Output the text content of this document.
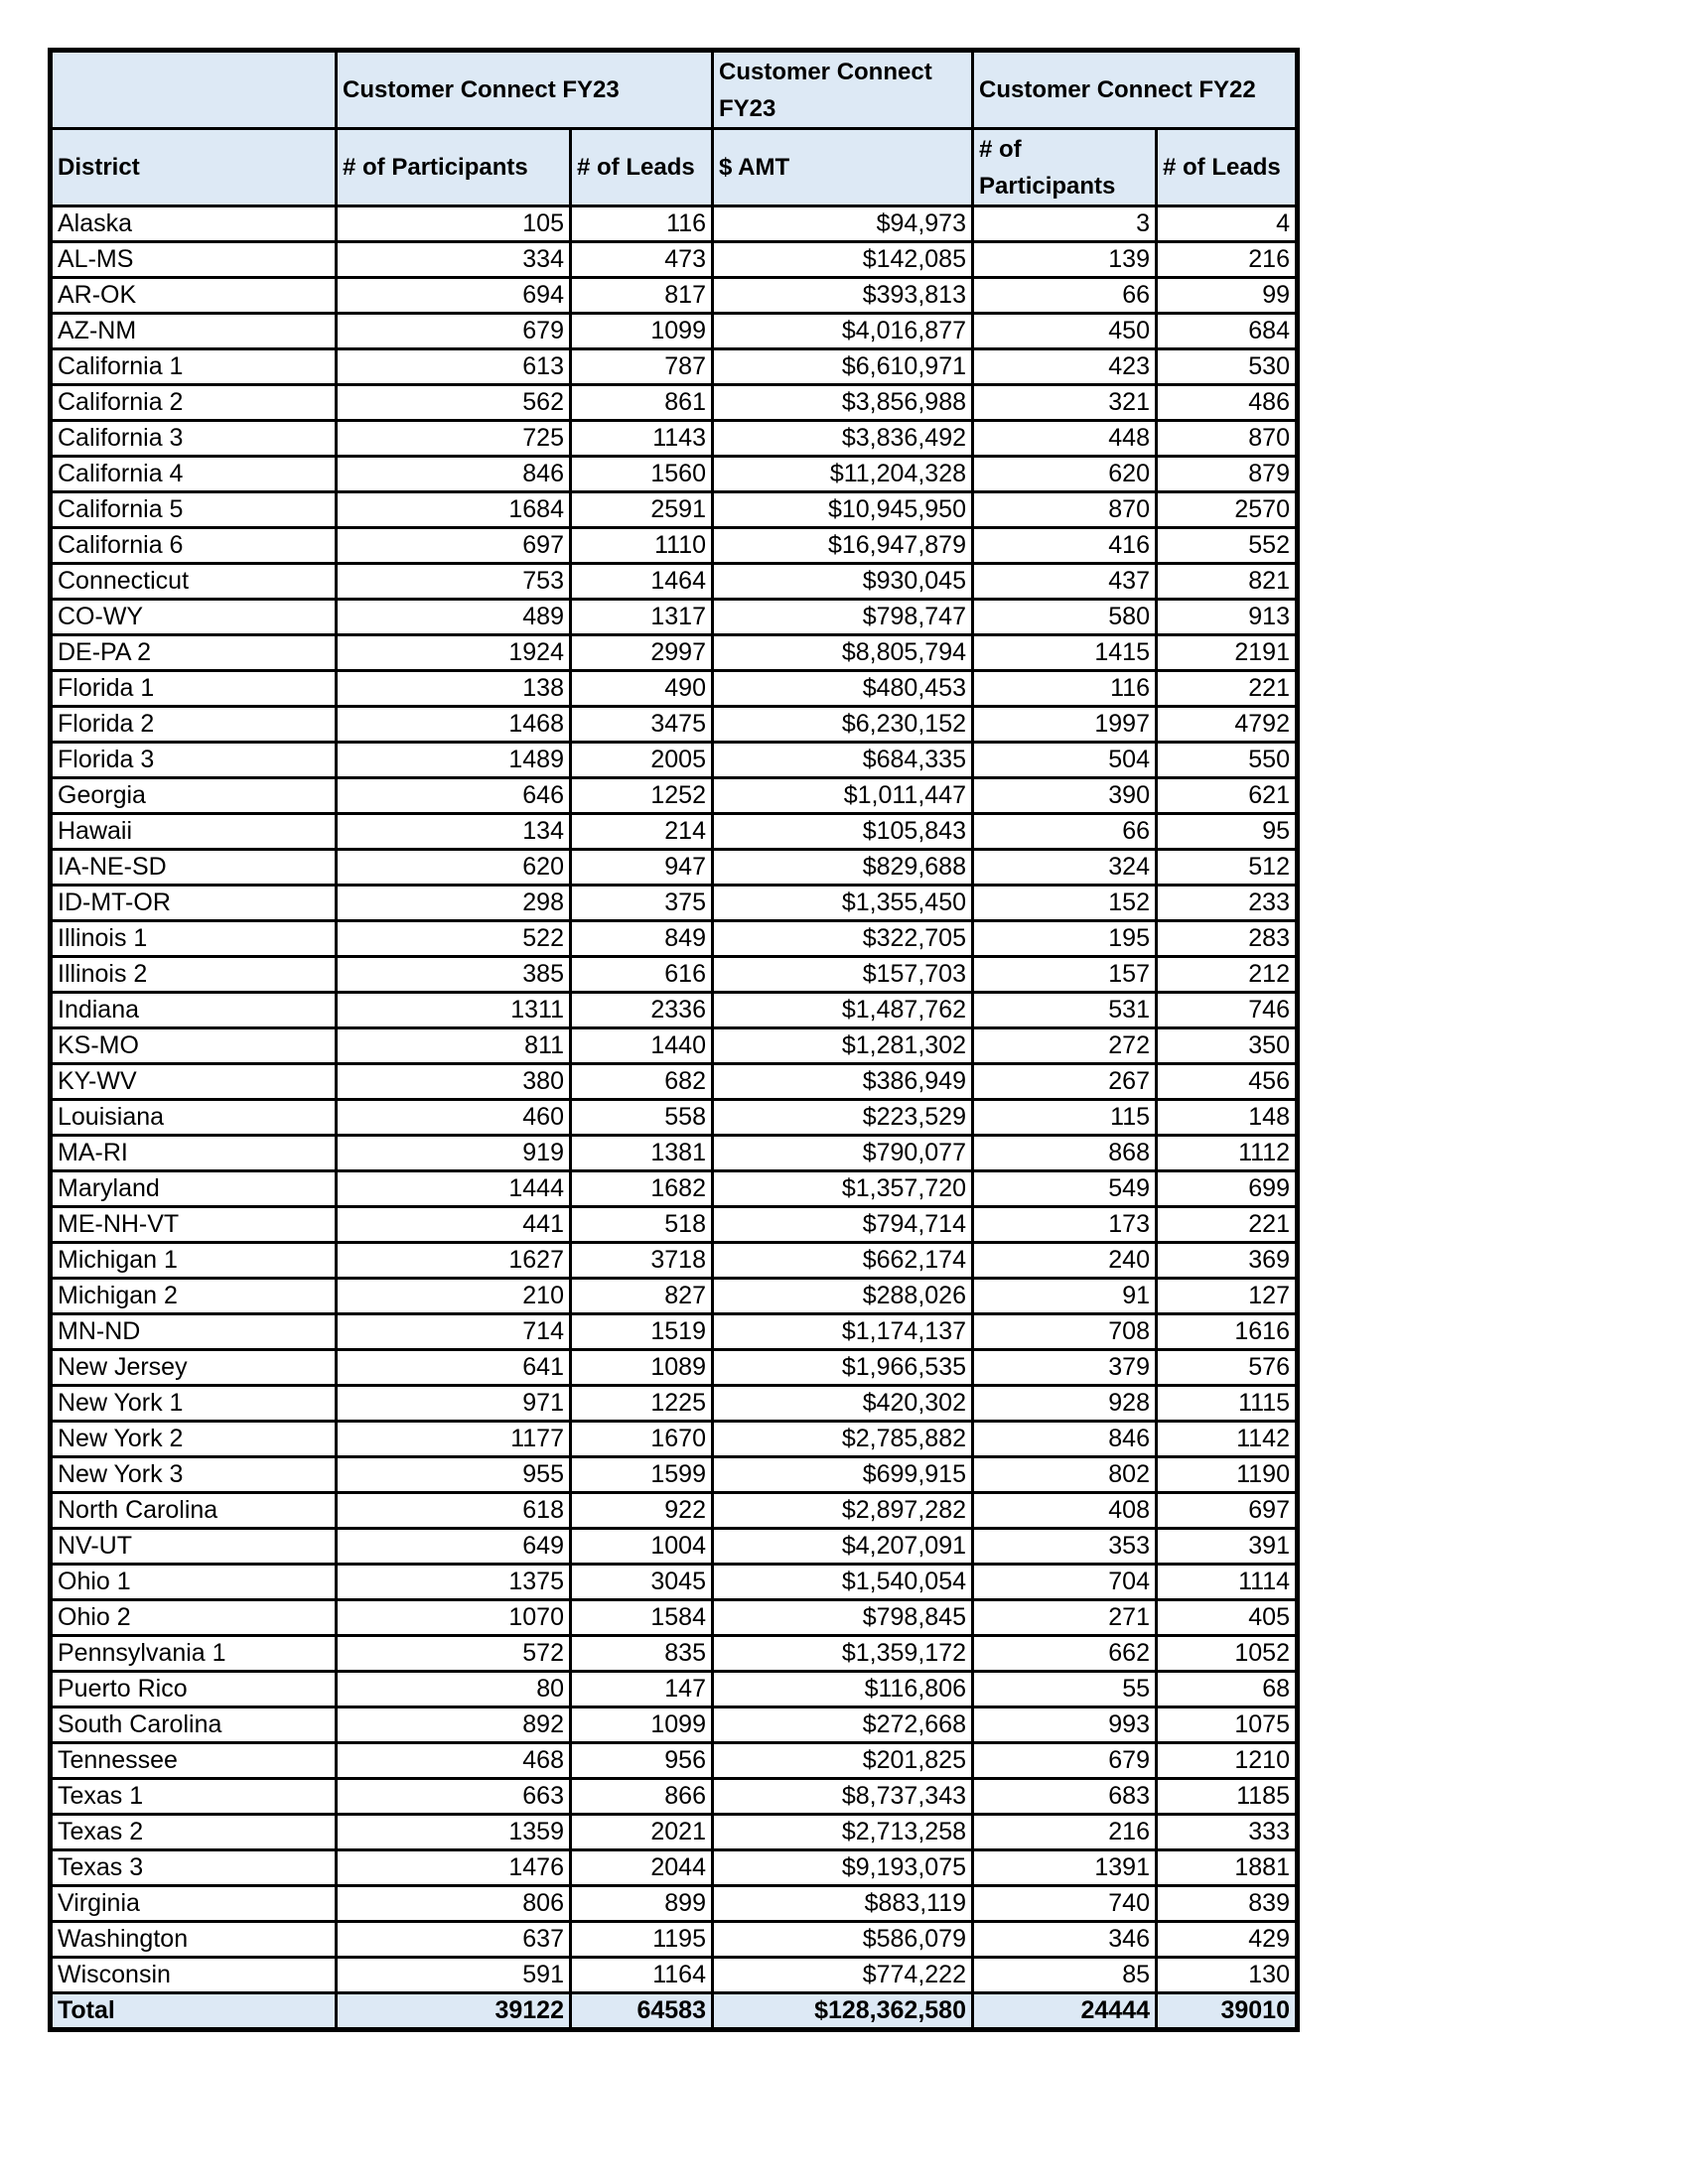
	Customer Connect FY23		Customer Connect FY23	Customer Connect FY22	
District	# of Participants	# of Leads	$ AMT	# of Participants	# of Leads
Alaska	105	116	$94,973	3	4
AL-MS	334	473	$142,085	139	216
AR-OK	694	817	$393,813	66	99
AZ-NM	679	1099	$4,016,877	450	684
California 1	613	787	$6,610,971	423	530
California 2	562	861	$3,856,988	321	486
California 3	725	1143	$3,836,492	448	870
California 4	846	1560	$11,204,328	620	879
California 5	1684	2591	$10,945,950	870	2570
California 6	697	1110	$16,947,879	416	552
Connecticut	753	1464	$930,045	437	821
CO-WY	489	1317	$798,747	580	913
DE-PA 2	1924	2997	$8,805,794	1415	2191
Florida 1	138	490	$480,453	116	221
Florida 2	1468	3475	$6,230,152	1997	4792
Florida 3	1489	2005	$684,335	504	550
Georgia	646	1252	$1,011,447	390	621
Hawaii	134	214	$105,843	66	95
IA-NE-SD	620	947	$829,688	324	512
ID-MT-OR	298	375	$1,355,450	152	233
Illinois 1	522	849	$322,705	195	283
Illinois 2	385	616	$157,703	157	212
Indiana	1311	2336	$1,487,762	531	746
KS-MO	811	1440	$1,281,302	272	350
KY-WV	380	682	$386,949	267	456
Louisiana	460	558	$223,529	115	148
MA-RI	919	1381	$790,077	868	1112
Maryland	1444	1682	$1,357,720	549	699
ME-NH-VT	441	518	$794,714	173	221
Michigan 1	1627	3718	$662,174	240	369
Michigan 2	210	827	$288,026	91	127
MN-ND	714	1519	$1,174,137	708	1616
New Jersey	641	1089	$1,966,535	379	576
New York 1	971	1225	$420,302	928	1115
New York 2	1177	1670	$2,785,882	846	1142
New York 3	955	1599	$699,915	802	1190
North Carolina	618	922	$2,897,282	408	697
NV-UT	649	1004	$4,207,091	353	391
Ohio 1	1375	3045	$1,540,054	704	1114
Ohio 2	1070	1584	$798,845	271	405
Pennsylvania 1	572	835	$1,359,172	662	1052
Puerto Rico	80	147	$116,806	55	68
South Carolina	892	1099	$272,668	993	1075
Tennessee	468	956	$201,825	679	1210
Texas 1	663	866	$8,737,343	683	1185
Texas 2	1359	2021	$2,713,258	216	333
Texas 3	1476	2044	$9,193,075	1391	1881
Virginia	806	899	$883,119	740	839
Washington	637	1195	$586,079	346	429
Wisconsin	591	1164	$774,222	85	130
Total	39122	64583	$128,362,580	24444	39010
